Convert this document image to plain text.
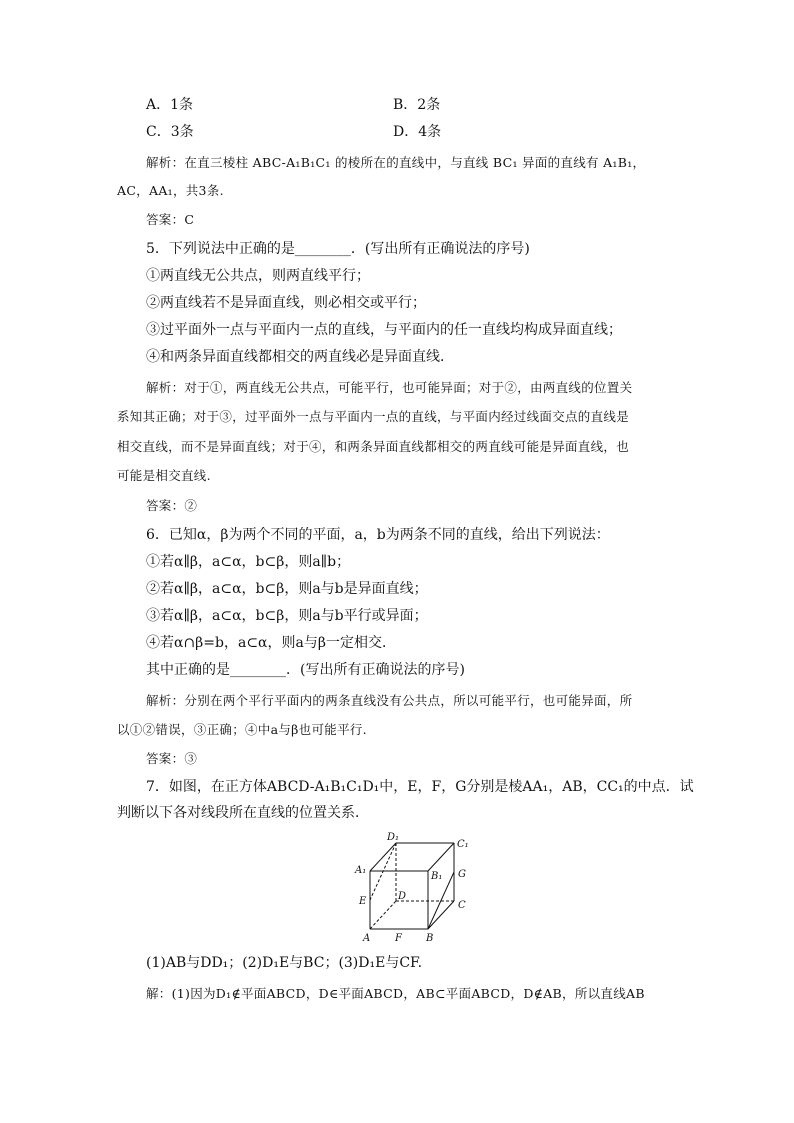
A．1条	B．2条
C．3条	D．4条
解析：在直三棱柱 ABC-A₁B₁C₁ 的棱所在的直线中，与直线 BC₁ 异面的直线有 A₁B₁，
AC，AA₁，共3条.
答案：C
5．下列说法中正确的是________．(写出所有正确说法的序号)
①两直线无公共点，则两直线平行；
②两直线若不是异面直线，则必相交或平行；
③过平面外一点与平面内一点的直线，与平面内的任一直线均构成异面直线；
④和两条异面直线都相交的两直线必是异面直线．
解析：对于①，两直线无公共点，可能平行，也可能异面；对于②，由两直线的位置关
系知其正确；对于③，过平面外一点与平面内一点的直线，与平面内经过线面交点的直线是
相交直线，而不是异面直线；对于④，和两条异面直线都相交的两直线可能是异面直线，也
可能是相交直线.
答案：②
6．已知α，β为两个不同的平面，a，b为两条不同的直线，给出下列说法：
①若α∥β，a⊂α，b⊂β，则a∥b；
②若α∥β，a⊂α，b⊂β，则a与b是异面直线；
③若α∥β，a⊂α，b⊂β，则a与b平行或异面；
④若α∩β=b，a⊂α，则a与β一定相交．
其中正确的是________．(写出所有正确说法的序号)
解析：分别在两个平行平面内的两条直线没有公共点，所以可能平行，也可能异面，所
以①②错误，③正确；④中a与β也可能平行.
答案：③
7．如图，在正方体ABCD-A₁B₁C₁D₁中，E，F，G分别是棱AA₁，AB，CC₁的中点．试
判断以下各对线段所在直线的位置关系．
D₁
C₁
A₁
B₁ G
E	D
C
A F B
(1)AB与DD₁；(2)D₁E与BC；(3)D₁E与CF.
解：(1)因为D₁∉平面ABCD，D∈平面ABCD，AB⊂平面ABCD，D∉AB，所以直线AB
